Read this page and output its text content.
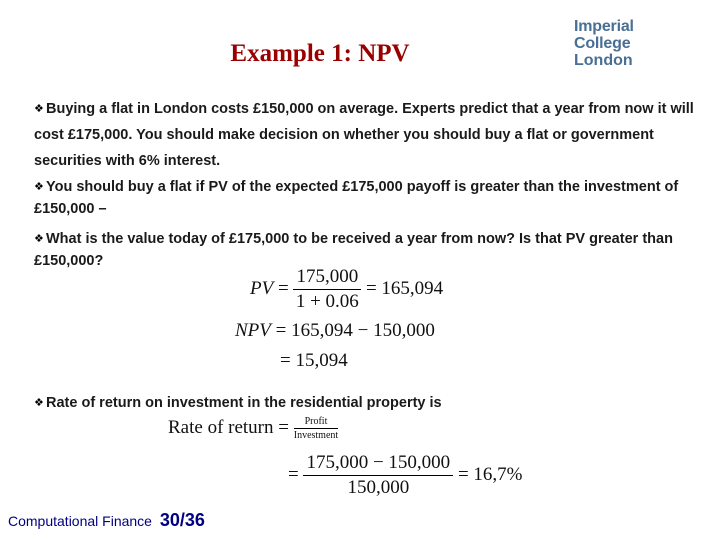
Example 1: NPV
Imperial College
London
❖ Buying a flat in London costs £150,000 on average. Experts predict that a year from now it will cost £175,000. You should make decision on whether you should buy a flat or government securities with 6% interest.
❖ You should buy a flat if PV of the expected £175,000 payoff is greater than the investment of £150,000 –
❖ What is the value today of £175,000 to be received a year from now? Is that PV greater than £150,000?
PV = $\frac{175,000}{1 + 0.06} = 165,094$
NPV = 165,094 − 150,000
= 15,094
❖ Rate of return on investment in the residential property is
Rate of return = $\frac{\text{Profit}}{\text{Investment}}$
= $\frac{175,000 - 150,000}{150,000} = 16,7\%$
Computational Finance 30/36
